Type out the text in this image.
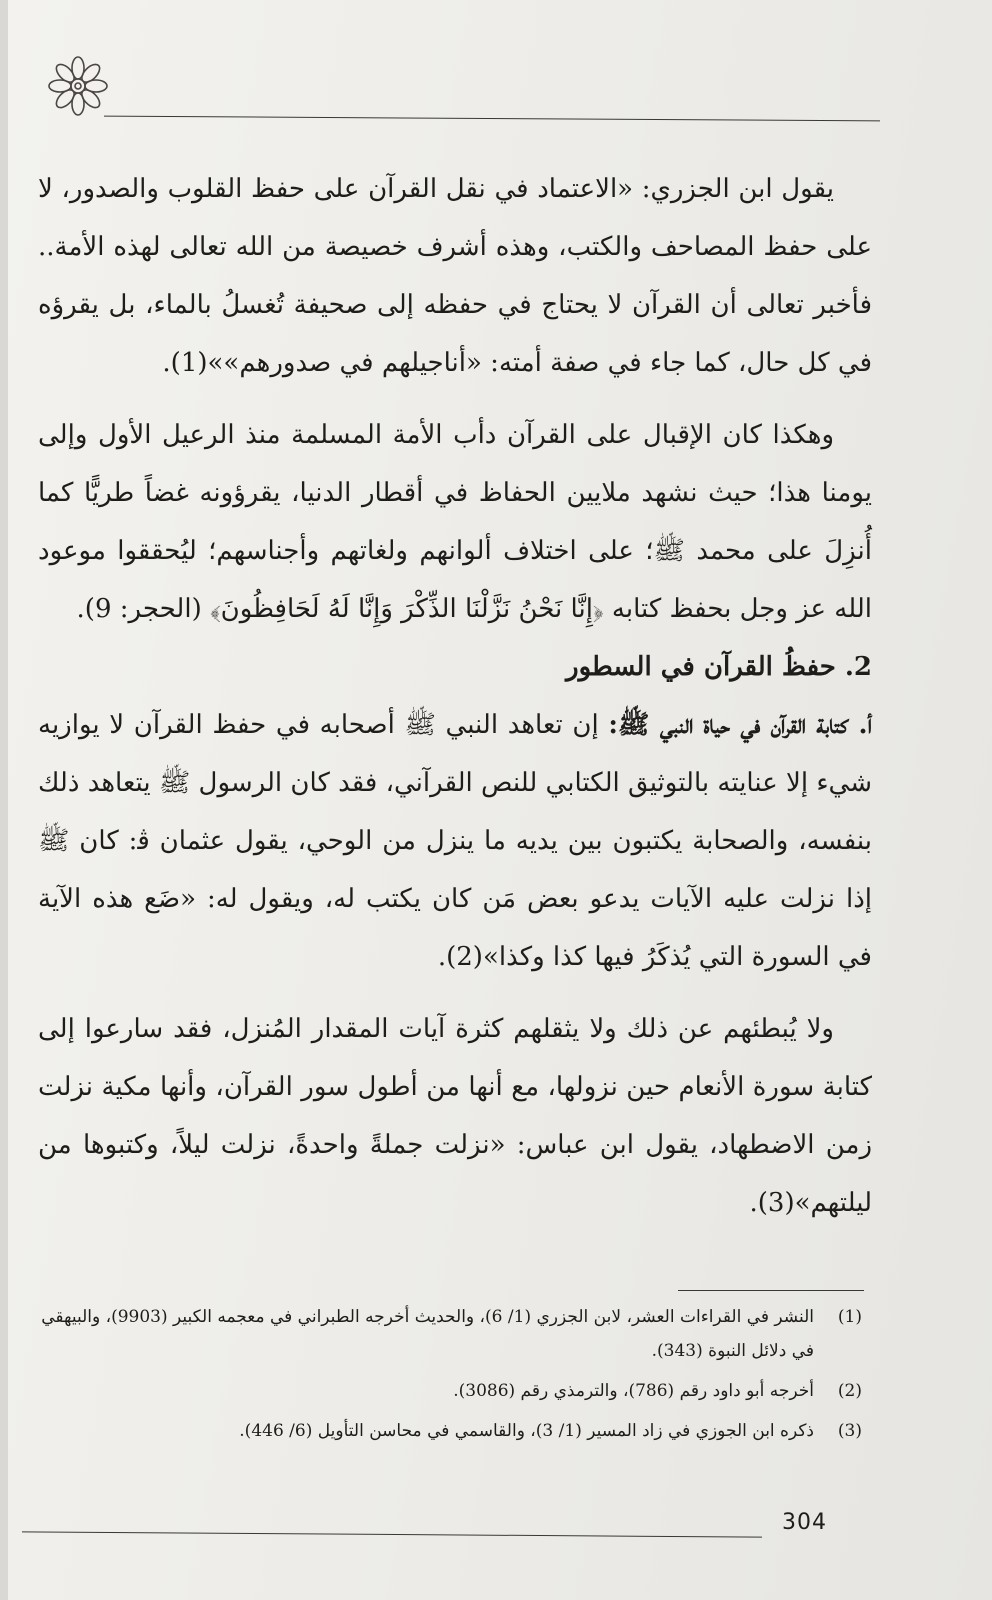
يقول ابن الجزري: «الاعتماد في نقل القرآن على حفظ القلوب والصدور، لا على حفظ المصاحف والكتب، وهذه أشرف خصيصة من الله تعالى لهذه الأمة.. فأخبر تعالى أن القرآن لا يحتاج في حفظه إلى صحيفة تُغسلُ بالماء، بل يقرؤه في كل حال، كما جاء في صفة أمته: «أناجيلهم في صدورهم»»(1).

وهكذا كان الإقبال على القرآن دأب الأمة المسلمة منذ الرعيل الأول وإلى يومنا هذا؛ حيث نشهد ملايين الحفاظ في أقطار الدنيا، يقرؤونه غضاً طريًّا كما أُنزِلَ على محمد ﷺ؛ على اختلاف ألوانهم ولغاتهم وأجناسهم؛ ليُحققوا موعود الله عز وجل بحفظ كتابه ﴿إِنَّا نَحْنُ نَزَّلْنَا الذِّكْرَ وَإِنَّا لَهُ لَحَافِظُونَ﴾ (الحجر: 9).

2. حفظُ القرآن في السطور

أ. كتابة القرآن في حياة النبي ﷺ: إن تعاهد النبي ﷺ أصحابه في حفظ القرآن لا يوازيه شيء إلا عنايته بالتوثيق الكتابي للنص القرآني، فقد كان الرسول ﷺ يتعاهد ذلك بنفسه، والصحابة يكتبون بين يديه ما ينزل من الوحي، يقول عثمان ﭬ: كان ﷺ إذا نزلت عليه الآيات يدعو بعض مَن كان يكتب له، ويقول له: «ضَع هذه الآية في السورة التي يُذكَرُ فيها كذا وكذا»(2).

ولا يُبطئهم عن ذلك ولا يثقلهم كثرة آيات المقدار المُنزل، فقد سارعوا إلى كتابة سورة الأنعام حين نزولها، مع أنها من أطول سور القرآن، وأنها مكية نزلت زمن الاضطهاد، يقول ابن عباس: «نزلت جملةً واحدةً، نزلت ليلاً، وكتبوها من ليلتهم»(3).

(1)
النشر في القراءات العشر، لابن الجزري (1/ 6)، والحديث أخرجه الطبراني في معجمه الكبير (9903)، والبيهقي في دلائل النبوة (343).
(2)
أخرجه أبو داود رقم (786)، والترمذي رقم (3086).
(3)
ذكره ابن الجوزي في زاد المسير (1/ 3)، والقاسمي في محاسن التأويل (6/ 446).
304
